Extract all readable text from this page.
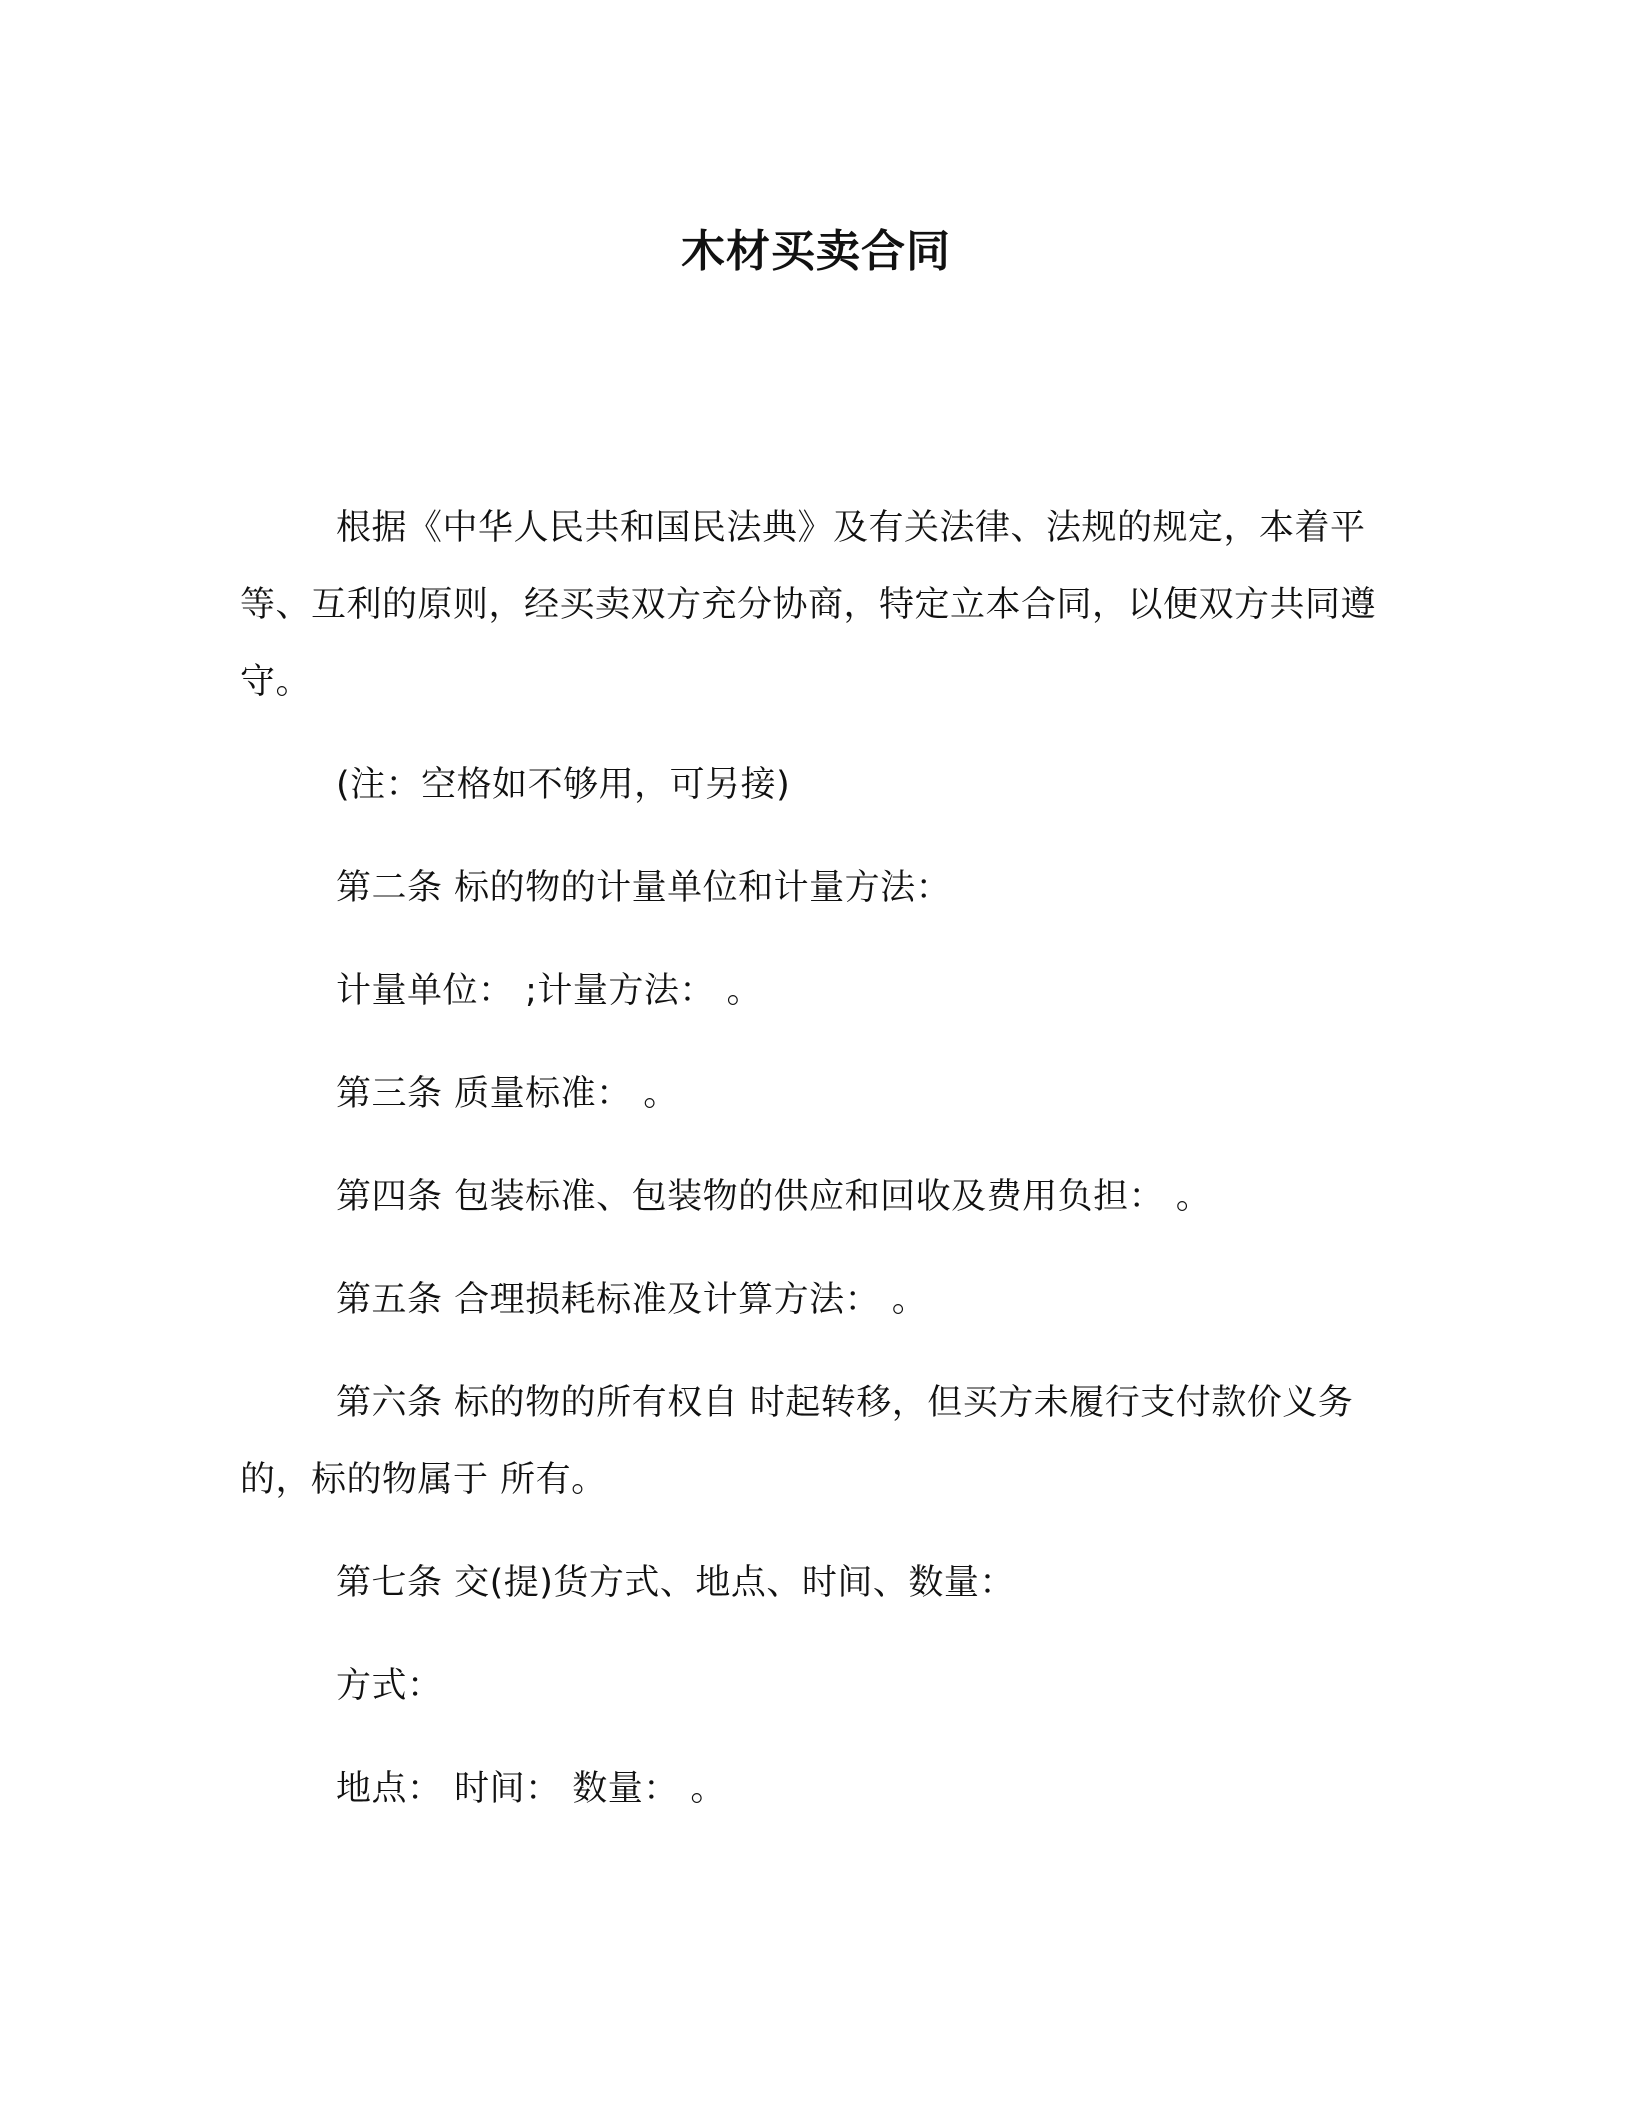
木材买卖合同

根据《中华人民共和国民法典》及有关法律、法规的规定，本着平等、互利的原则，经买卖双方充分协商，特定立本合同，以便双方共同遵守。

(注：空格如不够用，可另接)

第二条 标的物的计量单位和计量方法：

计量单位： ;计量方法： 。

第三条 质量标准： 。

第四条 包装标准、包装物的供应和回收及费用负担： 。

第五条 合理损耗标准及计算方法： 。

第六条 标的物的所有权自 时起转移，但买方未履行支付款价义务的，标的物属于 所有。

第七条 交(提)货方式、地点、时间、数量：

方式：

地点： 时间： 数量： 。
